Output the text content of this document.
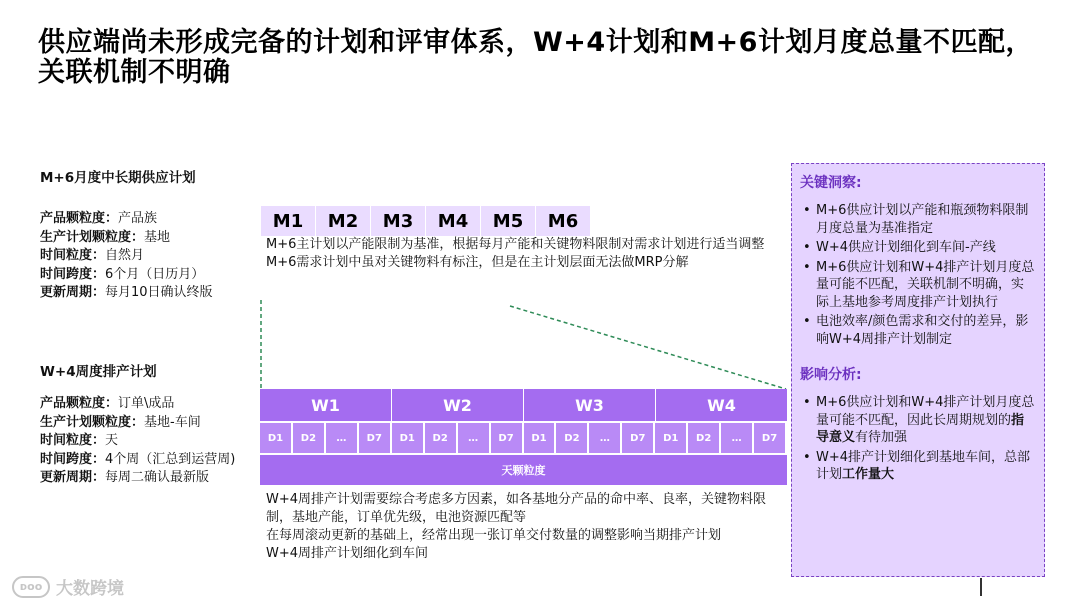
供应端尚未形成完备的计划和评审体系，W+4计划和M+6计划月度总量不匹配，关联机制不明确
M+6月度中长期供应计划
产品颗粒度：产品族
生产计划颗粒度：基地
时间粒度：自然月
时间跨度：6个月（日历月）
更新周期：每月10日确认终版
W+4周度排产计划
产品颗粒度：订单\成品
生产计划颗粒度：基地-车间
时间粒度：天
时间跨度：4个周（汇总到运营周)
更新周期：每周二确认最新版
M1	M2	M3	M4	M5	M6
M+6主计划以产能限制为基准，根据每月产能和关键物料限制对需求计划进行适当调整
M+6需求计划中虽对关键物料有标注，但是在主计划层面无法做MRP分解
W1	W2	W3	W4
D1	D2	…	D7	D1	D2	…	D7	D1	D2	…	D7	D1	D2	…	D7
天颗粒度
W+4周排产计划需要综合考虑多方因素，如各基地分产品的命中率、良率，关键物料限制，基地产能，订单优先级，电池资源匹配等
在每周滚动更新的基础上，经常出现一张订单交付数量的调整影响当期排产计划
W+4周排产计划细化到车间
关键洞察:
• M+6供应计划以产能和瓶颈物料限制月度总量为基准指定
• W+4供应计划细化到车间-产线
• M+6供应计划和W+4排产计划月度总量可能不匹配，关联机制不明确，实际上基地参考周度排产计划执行
• 电池效率/颜色需求和交付的差异，影响W+4周排产计划制定
影响分析:
• M+6供应计划和W+4排产计划月度总量可能不匹配，因此长周期规划的指导意义有待加强
• W+4排产计划细化到基地车间，总部计划工作量大
ᴅᴏᴏ 大数跨境
